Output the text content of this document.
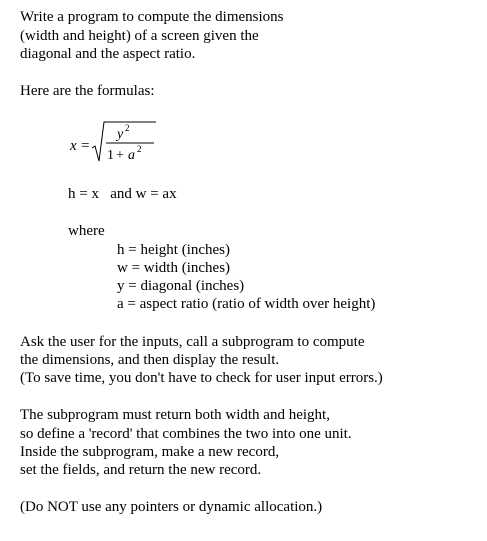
Write a program to compute the dimensions
(width and height) of a screen given the
diagonal and the aspect ratio.
Here are the formulas:
x =
y 2
1 + a 2
h = x   and w = ax
where
h = height (inches)
w = width (inches)
y = diagonal (inches)
a = aspect ratio (ratio of width over height)
Ask the user for the inputs, call a subprogram to compute
the dimensions, and then display the result.
(To save time, you don't have to check for user input errors.)
The subprogram must return both width and height,
so define a 'record' that combines the two into one unit.
Inside the subprogram, make a new record,
set the fields, and return the new record.
(Do NOT use any pointers or dynamic allocation.)
